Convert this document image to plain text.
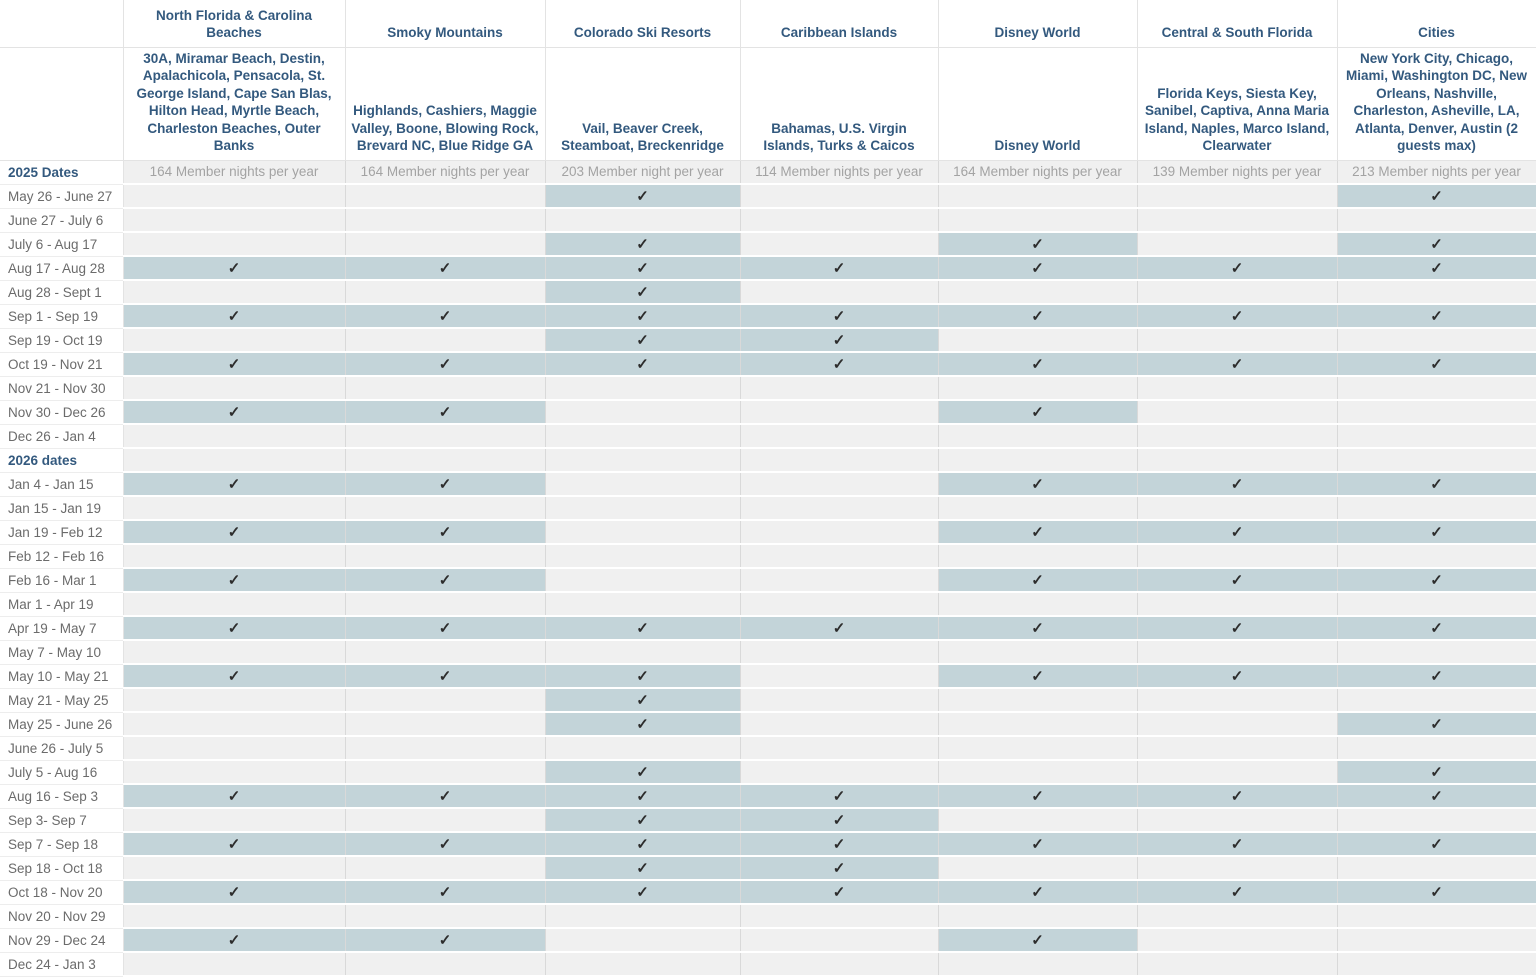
	North Florida & Carolina Beaches	Smoky Mountains	Colorado Ski Resorts	Caribbean Islands	Disney World	Central & South Florida	Cities
	30A, Miramar Beach, Destin, Apalachicola, Pensacola, St. George Island, Cape San Blas, Hilton Head, Myrtle Beach, Charleston Beaches, Outer Banks	Highlands, Cashiers, Maggie Valley, Boone, Blowing Rock, Brevard NC, Blue Ridge GA	Vail, Beaver Creek, Steamboat, Breckenridge	Bahamas, U.S. Virgin Islands, Turks & Caicos	Disney World	Florida Keys, Siesta Key, Sanibel, Captiva, Anna Maria Island, Naples, Marco Island, Clearwater	New York City, Chicago, Miami, Washington DC, New Orleans, Nashville, Charleston, Asheville, LA, Atlanta, Denver, Austin (2 guests max)
2025 Dates	164 Member nights per year	164 Member nights per year	203 Member night per year	114 Member nights per year	164 Member nights per year	139 Member nights per year	213 Member nights per year
May 26 - June 27			✓				✓
June 27 - July 6							
July 6 - Aug 17			✓		✓		✓
Aug 17 - Aug 28	✓	✓	✓	✓	✓	✓	✓
Aug 28 - Sept 1			✓				
Sep 1 - Sep 19	✓	✓	✓	✓	✓	✓	✓
Sep 19 - Oct 19			✓	✓			
Oct 19 - Nov 21	✓	✓	✓	✓	✓	✓	✓
Nov 21 - Nov 30							
Nov 30 - Dec 26	✓	✓			✓		
Dec 26 - Jan 4							
2026 dates							
Jan 4 - Jan 15	✓	✓			✓	✓	✓
Jan 15 - Jan 19							
Jan 19 - Feb 12	✓	✓			✓	✓	✓
Feb 12 - Feb 16							
Feb 16 - Mar 1	✓	✓			✓	✓	✓
Mar 1 - Apr 19							
Apr 19 - May 7	✓	✓	✓	✓	✓	✓	✓
May 7 - May 10							
May 10 - May 21	✓	✓	✓		✓	✓	✓
May 21 - May 25			✓				
May 25 - June 26			✓				✓
June 26 - July 5							
July 5 - Aug 16			✓				✓
Aug 16 - Sep 3	✓	✓	✓	✓	✓	✓	✓
Sep 3- Sep 7			✓	✓			
Sep 7 - Sep 18	✓	✓	✓	✓	✓	✓	✓
Sep 18 - Oct 18			✓	✓			
Oct 18 - Nov 20	✓	✓	✓	✓	✓	✓	✓
Nov 20 - Nov 29							
Nov 29 - Dec 24	✓	✓			✓		
Dec 24 - Jan 3							
